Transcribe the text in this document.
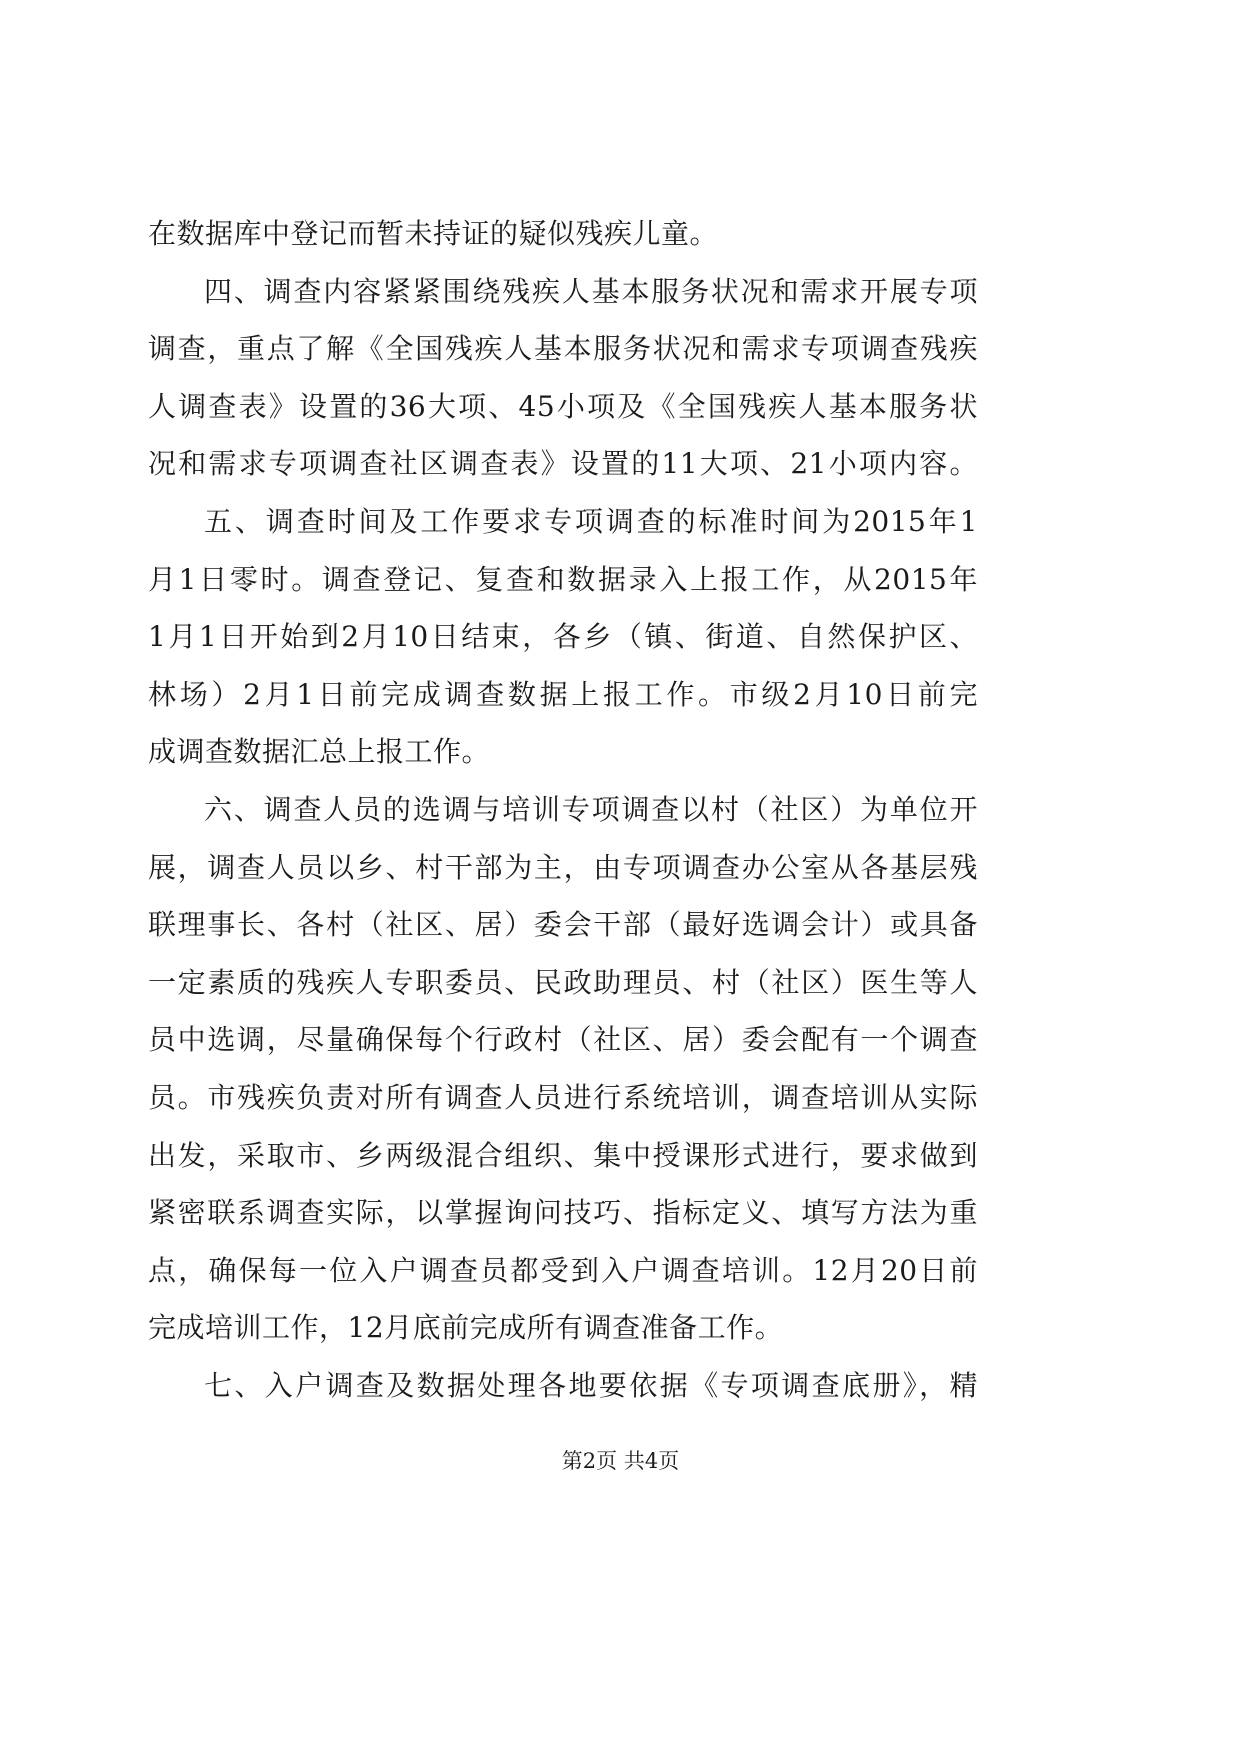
在数据库中登记而暂未持证的疑似残疾儿童。
四、调查内容紧紧围绕残疾人基本服务状况和需求开展专项
调查，重点了解《全国残疾人基本服务状况和需求专项调查残疾
人调查表》设置的36大项、45小项及《全国残疾人基本服务状
况和需求专项调查社区调查表》设置的11大项、21小项内容。
五、调查时间及工作要求专项调查的标准时间为2015年1
月1日零时。调查登记、复查和数据录入上报工作，从2015年
1月1日开始到2月10日结束，各乡（镇、街道、自然保护区、
林场）2月1日前完成调查数据上报工作。市级2月10日前完
成调查数据汇总上报工作。
六、调查人员的选调与培训专项调查以村（社区）为单位开
展，调查人员以乡、村干部为主，由专项调查办公室从各基层残
联理事长、各村（社区、居）委会干部（最好选调会计）或具备
一定素质的残疾人专职委员、民政助理员、村（社区）医生等人
员中选调，尽量确保每个行政村（社区、居）委会配有一个调查
员。市残疾负责对所有调查人员进行系统培训，调查培训从实际
出发，采取市、乡两级混合组织、集中授课形式进行，要求做到
紧密联系调查实际，以掌握询问技巧、指标定义、填写方法为重
点，确保每一位入户调查员都受到入户调查培训。12月20日前
完成培训工作，12月底前完成所有调查准备工作。
七、入户调查及数据处理各地要依据《专项调查底册》，精
第2页 共4页
